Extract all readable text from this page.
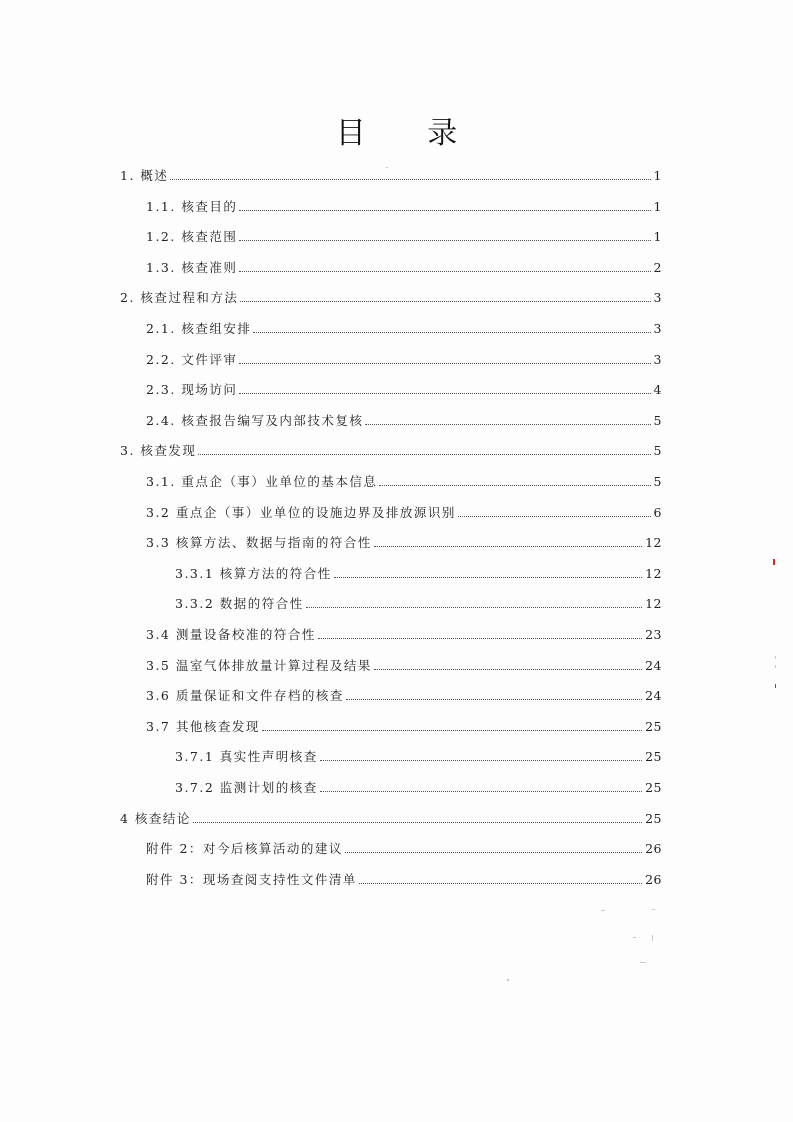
目 录
1. 概述	1
1.1. 核查目的	1
1.2. 核查范围	1
1.3. 核查准则	2
2. 核查过程和方法	3
2.1. 核查组安排	3
2.2. 文件评审	3
2.3. 现场访问	4
2.4. 核查报告编写及内部技术复核	5
3. 核查发现	5
3.1. 重点企（事）业单位的基本信息	5
3.2 重点企（事）业单位的设施边界及排放源识别	6
3.3 核算方法、数据与指南的符合性	12
3.3.1 核算方法的符合性	12
3.3.2 数据的符合性	12
3.4 测量设备校准的符合性	23
3.5 温室气体排放量计算过程及结果	24
3.6 质量保证和文件存档的核查	24
3.7 其他核查发现	25
3.7.1 真实性声明核查	25
3.7.2 监测计划的核查	25
4 核查结论	25
附件 2：对今后核算活动的建议	26
附件 3：现场查阅支持性文件清单	26
